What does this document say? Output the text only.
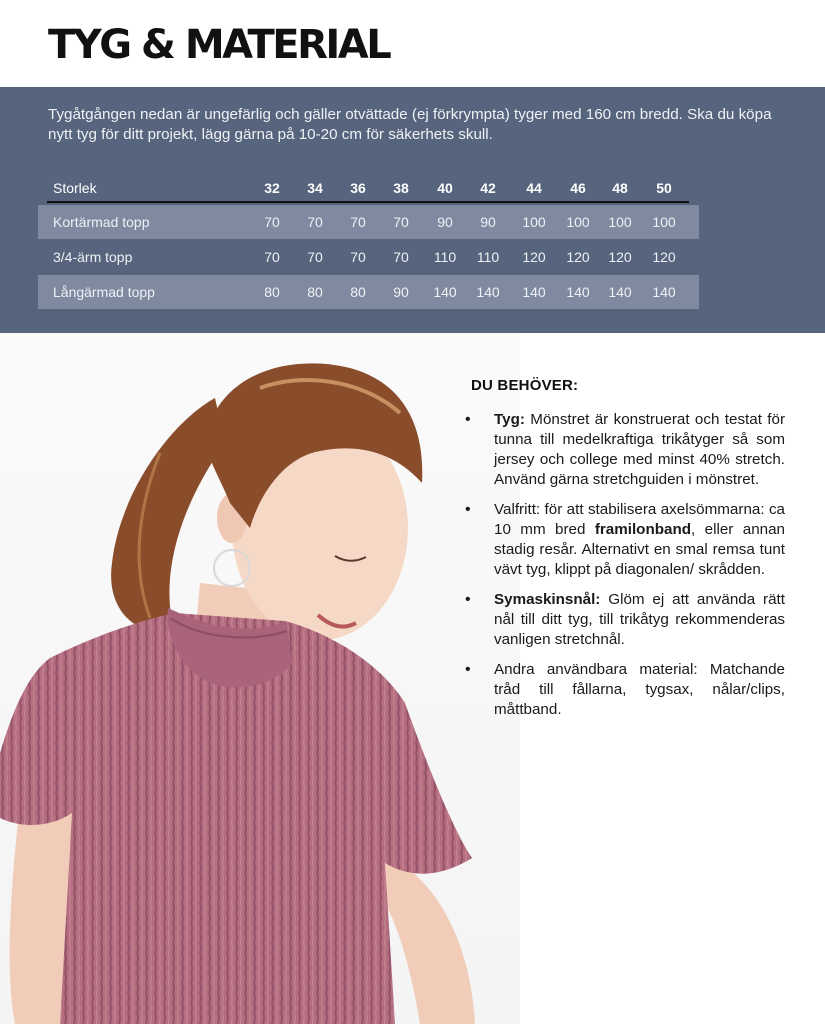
TYG & MATERIAL

Tygåtgången nedan är ungefärlig och gäller otvättade (ej förkrympta) tyger med 160 cm bredd. Ska du köpa nytt tyg för ditt projekt, lägg gärna på 10-20 cm för säkerhets skull.

Storlek	32	34	36	38	40	42	44	46	48	50
Kortärmad topp	70	70	70	70	90	90	100	100	100	100
3/4-ärm topp	70	70	70	70	110	110	120	120	120	120
Långärmad topp	80	80	80	90	140	140	140	140	140	140
DU BEHÖVER:
• Tyg: Mönstret är konstruerat och testat för tunna till medelkraftiga trikåtyger så som jersey och college med minst 40% stretch. Använd gärna stretchguiden i mönstret.
• Valfritt: för att stabilisera axelsömmarna: ca 10 mm bred framilonband, eller annan stadig resår. Alternativt en smal remsa tunt vävt tyg, klippt på diagonalen/ skrådden.
• Symaskinsnål: Glöm ej att använda rätt nål till ditt tyg, till trikåtyg rekommenderas vanligen stretchnål.
• Andra användbara material: Matchande tråd till fållarna, tygsax, nålar/clips, måttband.
